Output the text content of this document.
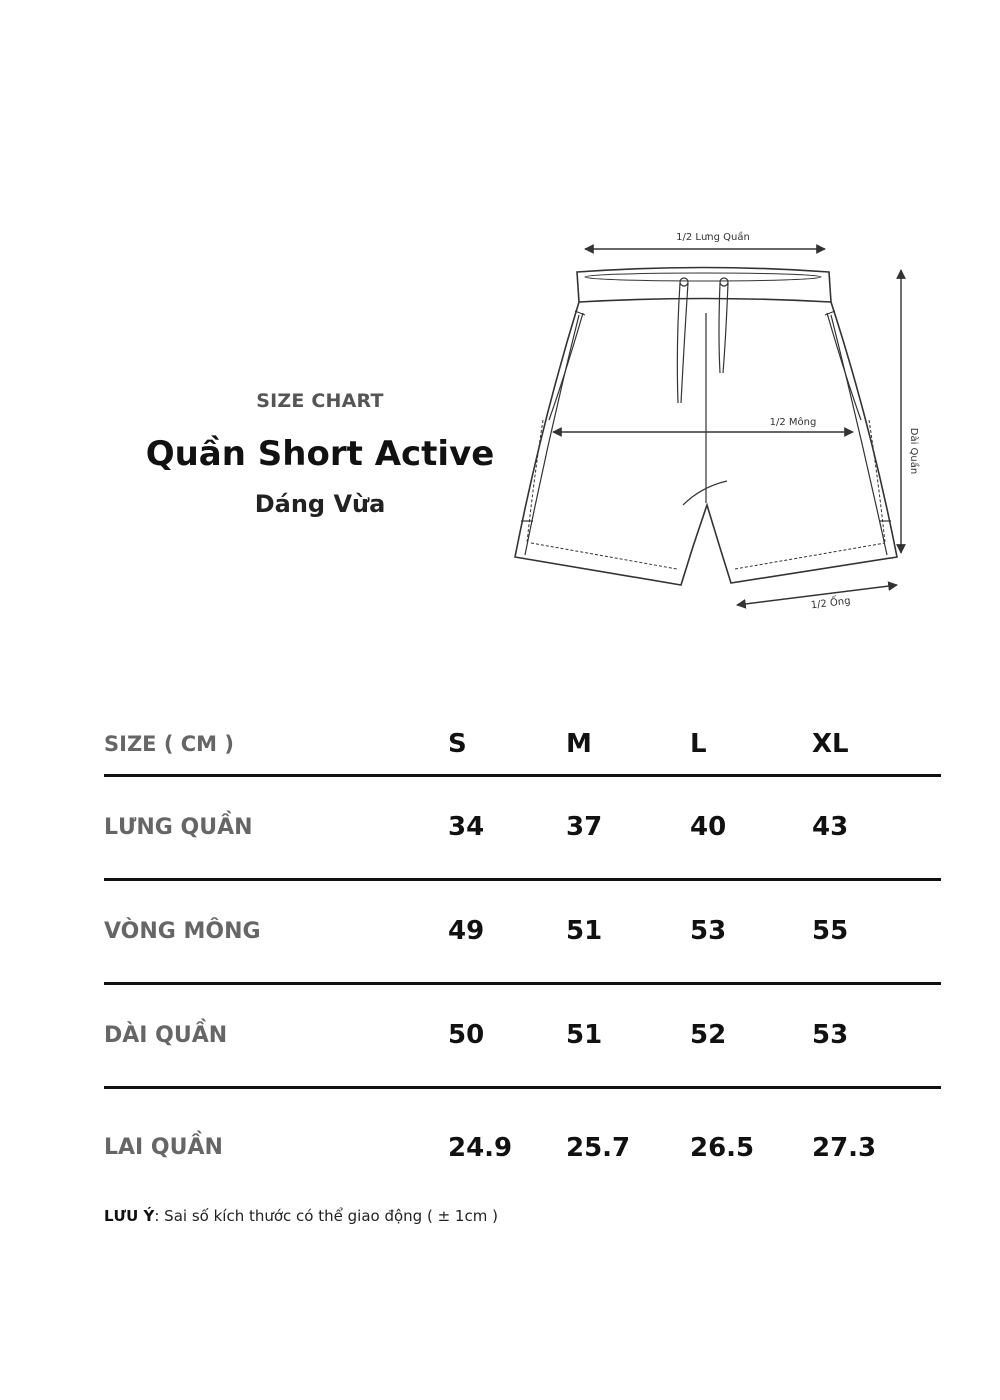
SIZE CHART
Quần Short Active
Dáng Vừa
1/2 Lưng Quần
1/2 Mông
Dài Quần
1/2 Ống
SIZE ( CM )	S	M	L	XL
LƯNG QUẦN	34	37	40	43
VÒNG MÔNG	49	51	53	55
DÀI QUẦN	50	51	52	53
LAI QUẦN	24.9	25.7	26.5	27.3
LƯU Ý: Sai số kích thước có thể giao động ( ± 1cm )
